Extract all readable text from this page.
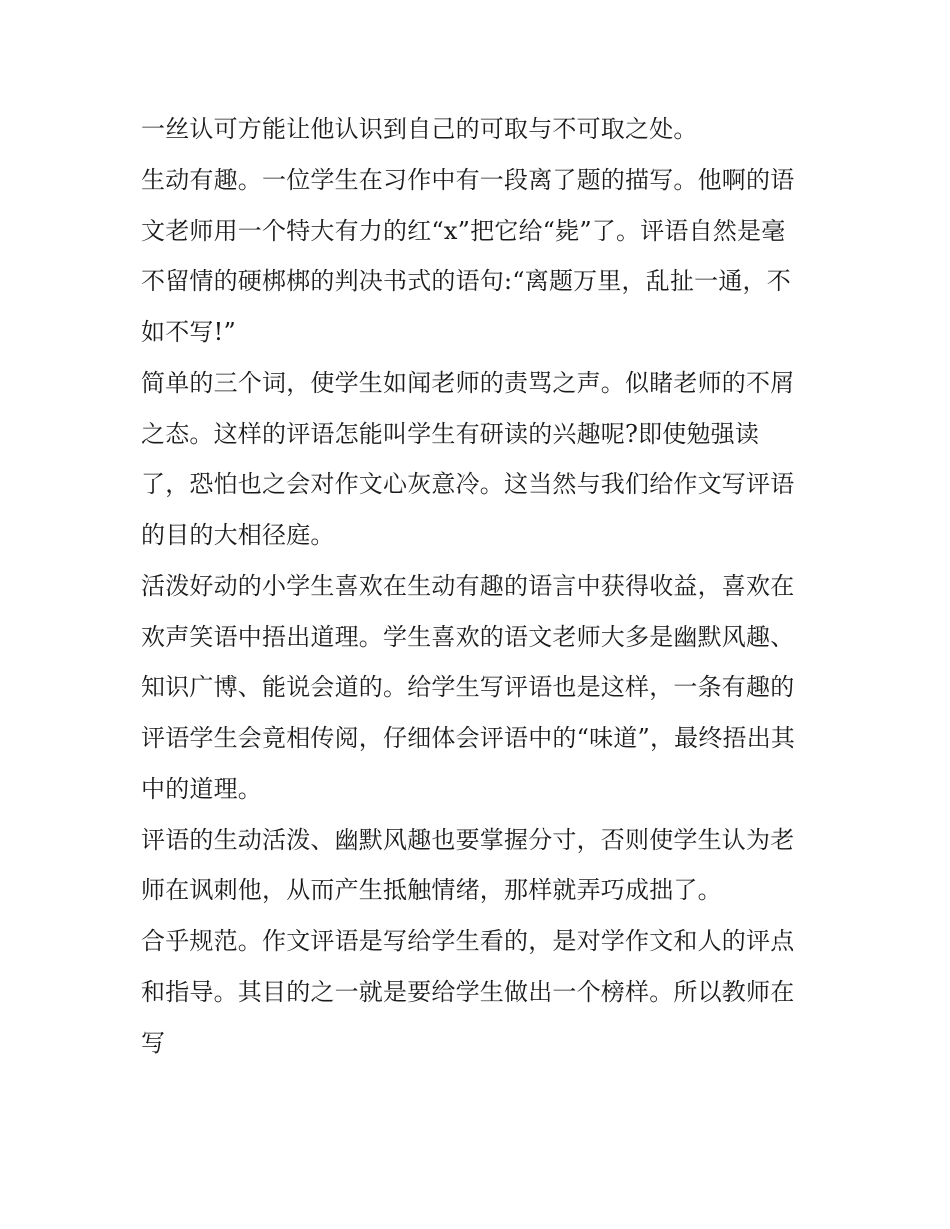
一丝认可方能让他认识到自己的可取与不可取之处。
生动有趣。一位学生在习作中有一段离了题的描写。他啊的语
文老师用一个特大有力的红“x”把它给“毙”了。评语自然是毫
不留情的硬梆梆的判决书式的语句:“离题万里，乱扯一通，不
如不写!”
简单的三个词，使学生如闻老师的责骂之声。似睹老师的不屑
之态。这样的评语怎能叫学生有研读的兴趣呢?即使勉强读
了，恐怕也之会对作文心灰意冷。这当然与我们给作文写评语
的目的大相径庭。
活泼好动的小学生喜欢在生动有趣的语言中获得收益，喜欢在
欢声笑语中捂出道理。学生喜欢的语文老师大多是幽默风趣、
知识广博、能说会道的。给学生写评语也是这样，一条有趣的
评语学生会竟相传阅，仔细体会评语中的“味道”，最终捂出其
中的道理。
评语的生动活泼、幽默风趣也要掌握分寸，否则使学生认为老
师在讽刺他，从而产生抵触情绪，那样就弄巧成拙了。
合乎规范。作文评语是写给学生看的，是对学作文和人的评点
和指导。其目的之一就是要给学生做出一个榜样。所以教师在
写
